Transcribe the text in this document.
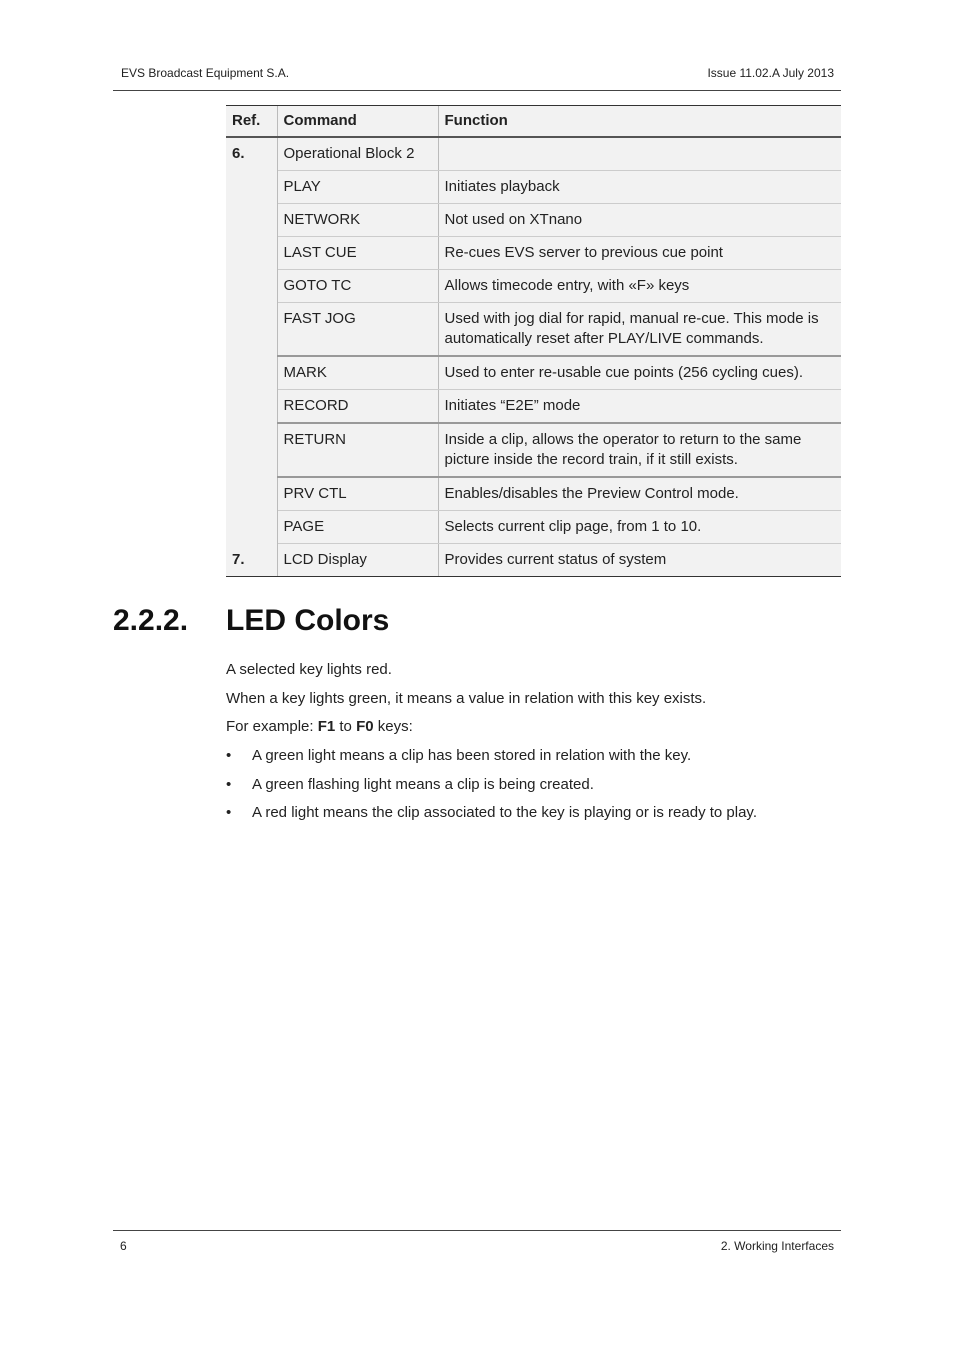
EVS Broadcast Equipment S.A.	Issue 11.02.A July 2013
Ref.	Command	Function
6.	Operational Block 2	
	PLAY	Initiates playback
	NETWORK	Not used on XTnano
	LAST CUE	Re-cues EVS server to previous cue point
	GOTO TC	Allows timecode entry, with «F» keys
	FAST JOG	Used with jog dial for rapid, manual re-cue. This mode is automatically reset after PLAY/LIVE commands.
	MARK	Used to enter re-usable cue points (256 cycling cues).
	RECORD	Initiates “E2E” mode
	RETURN	Inside a clip, allows the operator to return to the same picture inside the record train, if it still exists.
	PRV CTL	Enables/disables the Preview Control mode.
	PAGE	Selects current clip page, from 1 to 10.
7.	LCD Display	Provides current status of system
2.2.2. LED Colors

A selected key lights red.

When a key lights green, it means a value in relation with this key exists.

For example: F1 to F0 keys:

• A green light means a clip has been stored in relation with the key.
• A green flashing light means a clip is being created.
• A red light means the clip associated to the key is playing or is ready to play.
6	2. Working Interfaces
